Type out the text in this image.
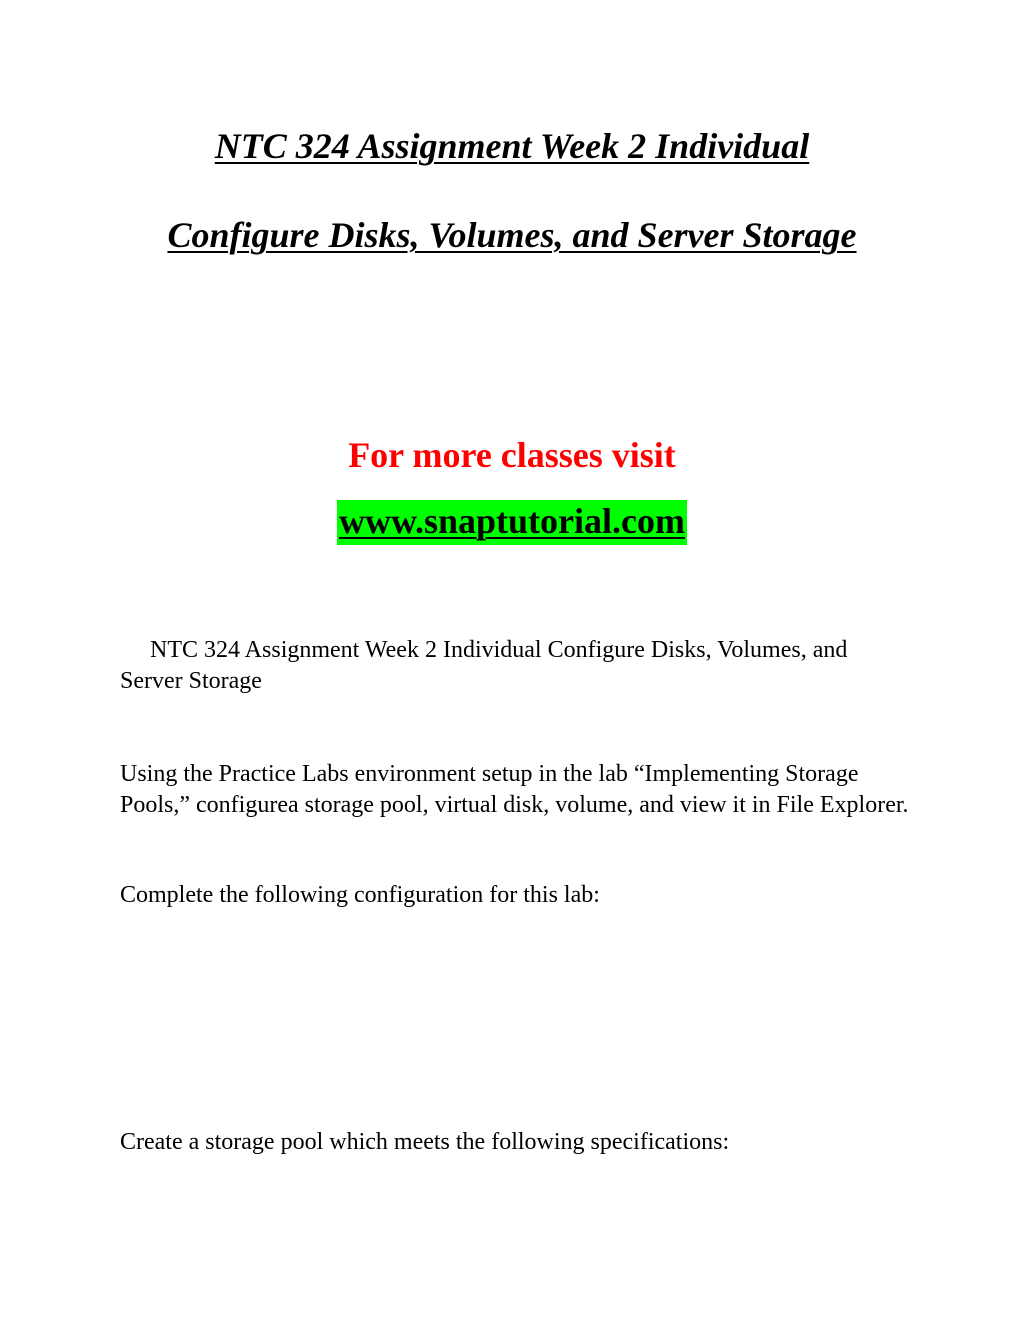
NTC 324 Assignment Week 2 Individual
Configure Disks, Volumes, and Server Storage
For more classes visit
www.snaptutorial.com
NTC 324 Assignment Week 2 Individual Configure Disks, Volumes, and Server Storage
Using the Practice Labs environment setup in the lab “Implementing Storage Pools,” configurea storage pool, virtual disk, volume, and view it in File Explorer.
Complete the following configuration for this lab:
Create a storage pool which meets the following specifications:
